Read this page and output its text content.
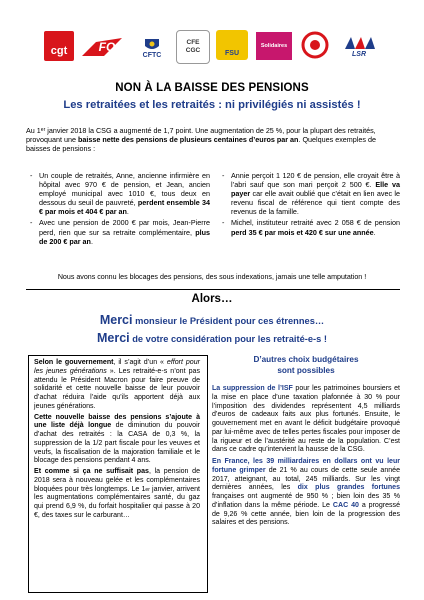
cgt	FO
CFTC
CFE CGC	FSU
Solidaires
LSR
NON À LA BAISSE DES PENSIONS
Les retraitées et les retraités : ni privilégiés ni assistés !
Au 1er janvier 2018 la CSG a augmenté de 1,7 point. Une augmentation de 25 %, pour la plupart des retraités, provoquant une baisse nette des pensions de plusieurs centaines d’euros par an. Quelques exemples de baisses de pensions :
- Un couple de retraités, Anne, ancienne infirmière en hôpital avec 970 € de pension, et Jean, ancien employé municipal avec 1010 €, tous deux en dessous du seuil de pauvreté, perdent ensemble 34 € par mois et 404 € par an.
- Avec une pension de 2000 € par mois, Jean-Pierre perd, rien que sur sa retraite complémentaire, plus de 200 € par an.
- Annie perçoit 1 120 € de pension, elle croyait être à l’abri sauf que son mari perçoit 2 500 €. Elle va payer car elle avait oublié que c’était en lien avec le revenu fiscal de référence qui tient compte des revenus de la famille.
- Michel, instituteur retraité avec 2 058 € de pension perd 35 € par mois et 420 € sur une année.
Nous avons connu les blocages des pensions, des sous indexations, jamais une telle amputation !
Alors…
Merci monsieur le Président pour ces étrennes…
Merci de votre considération pour les retraité-e-s !

Selon le gouvernement, il s’agit d’un « effort pour les jeunes générations ». Les retraité-e-s n’ont pas attendu le Président Macron pour faire preuve de solidarité et cette nouvelle baisse de leur pouvoir d’achat réduira l’aide qu’ils apportent déjà aux jeunes générations.

Cette nouvelle baisse des pensions s’ajoute à une liste déjà longue de diminution du pouvoir d’achat des retraités : la CASA de 0,3 %, la suppression de la 1/2 part fiscale pour les veuves et veufs, la fiscalisation de la majoration familiale et le blocage des pensions pendant 4 ans.

Et comme si ça ne suffisait pas, la pension de 2018 sera à nouveau gelée et les complémentaires bloquées pour très longtemps. Le 1er janvier, arrivent les augmentations complémentaires santé, du gaz qui prend 6,9 %, du forfait hospitalier qui passe à 20 €, des taxes sur le carburant…

D’autres choix budgétaires
sont possibles

La suppression de l’ISF pour les patrimoines boursiers et la mise en place d’une taxation plafonnée à 30 % pour l’imposition des dividendes représentent 4,5 milliards d’euros de cadeaux faits aux plus fortunés. Ensuite, le gouvernement met en avant le déficit budgétaire provoqué par lui-même avec de telles pertes fiscales pour imposer de la rigueur et de l’austérité au reste de la population. C’est dans ce cadre qu’intervient la hausse de la CSG.

En France, les 39 milliardaires en dollars ont vu leur fortune grimper de 21 % au cours de cette seule année 2017, atteignant, au total, 245 milliards. Sur les vingt dernières années, les dix plus grandes fortunes françaises ont augmenté de 950 % ; bien loin des 35 % d’inflation dans la même période. Le CAC 40 a progressé de 9,26 % cette année, bien loin de la progression des salaires et des pensions.
